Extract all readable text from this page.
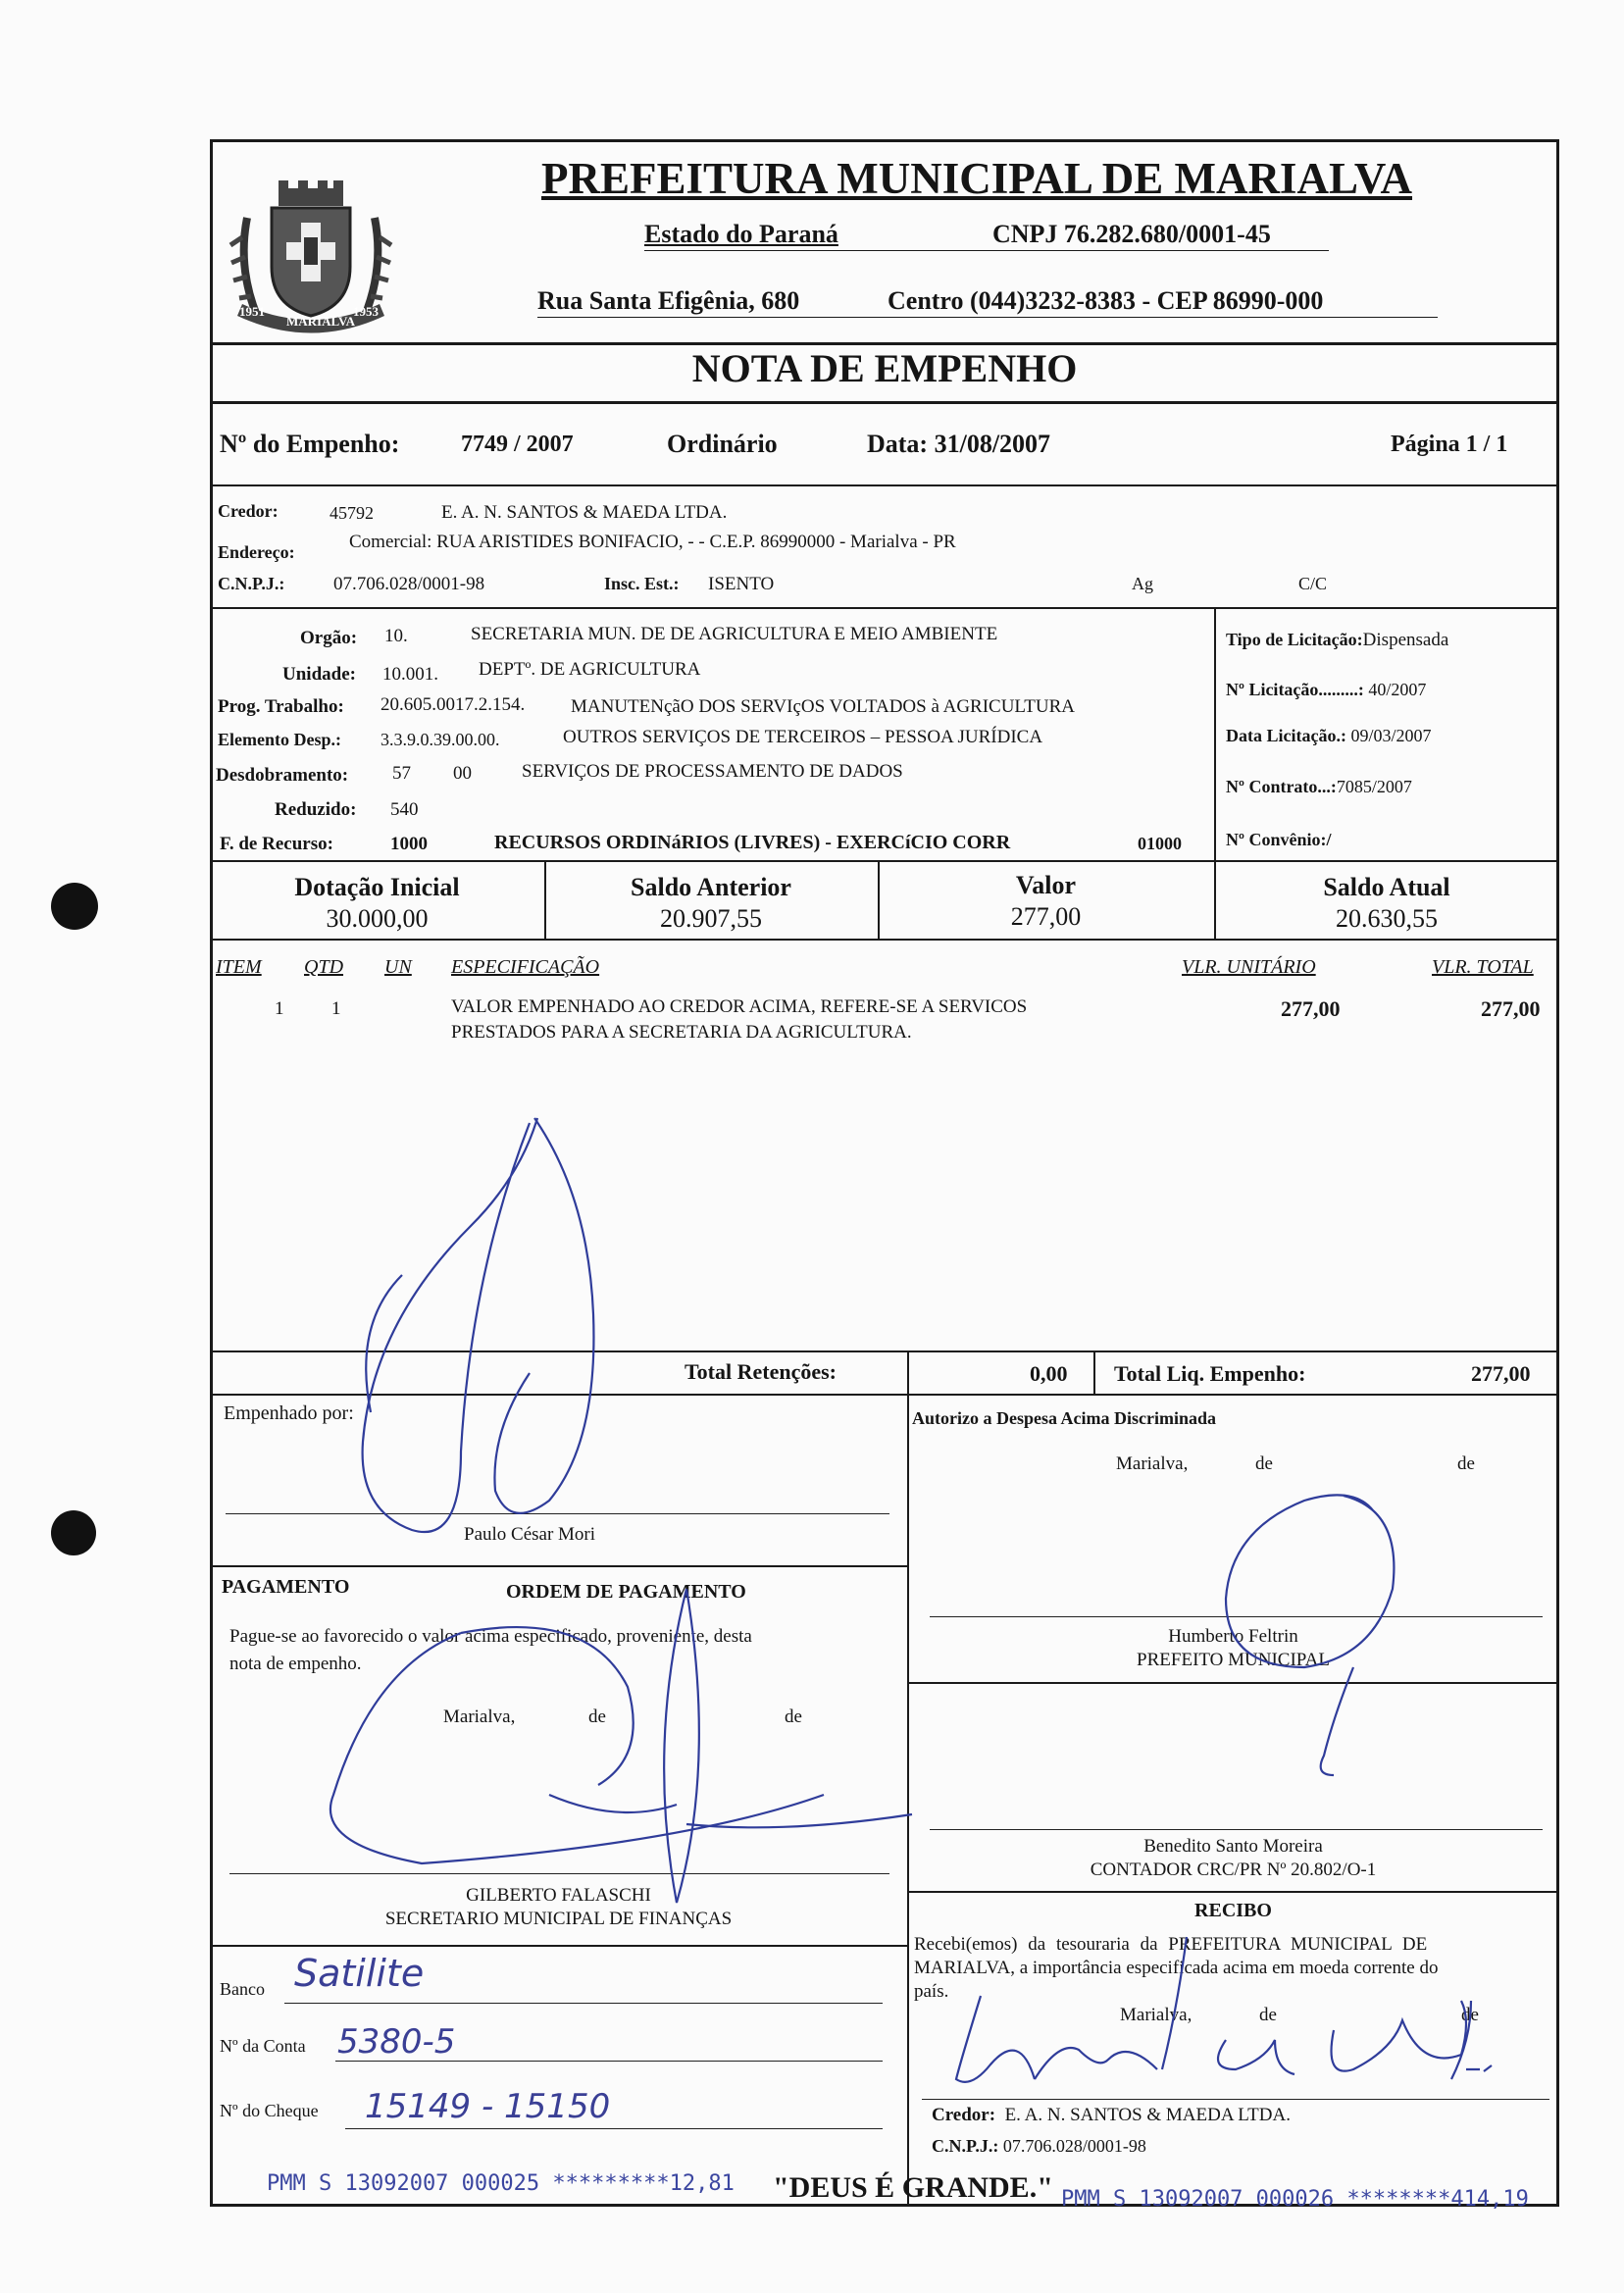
1951
MARIALVA
1953
PREFEITURA MUNICIPAL DE MARIALVA
Estado do Paraná	CNPJ 76.282.680/0001-45
Rua Santa Efigênia, 680	Centro (044)3232-8383 - CEP 86990-000
NOTA DE EMPENHO
Nº do Empenho:	7749 / 2007	Ordinário	Data: 31/08/2007	Página 1 / 1
Credor:	45792	E. A. N. SANTOS & MAEDA LTDA.
Endereço:	Comercial: RUA ARISTIDES BONIFACIO, - - C.E.P. 86990000 - Marialva - PR
C.N.P.J.:	07.706.028/0001-98	Insc. Est.: ISENTO	Ag	C/C
Orgão: 10.	SECRETARIA MUN. DE DE AGRICULTURA E MEIO AMBIENTE
Unidade: 10.001. DEPTº. DE AGRICULTURA
Prog. Trabalho: 20.605.0017.2.154. MANUTENçãO DOS SERVIçOS VOLTADOS à AGRICULTURA
Elemento Desp.: 3.3.9.0.39.00.00.	OUTROS SERVIÇOS DE TERCEIROS – PESSOA JURÍDICA
Desdobramento: 57 00	SERVIÇOS DE PROCESSAMENTO DE DADOS
Reduzido: 540
F. de Recurso:	1000	RECURSOS ORDINáRIOS (LIVRES) - EXERCíCIO CORR	01000
Tipo de Licitação:Dispensada
Nº Licitação.........: 40/2007
Data Licitação.: 09/03/2007
Nº Contrato...:7085/2007
Nº Convênio:/
Dotação Inicial
30.000,00
Saldo Anterior
20.907,55
Valor
277,00
Saldo Atual
20.630,55
ITEM QTD UN ESPECIFICAÇÃO	VLR. UNITÁRIO	VLR. TOTAL
1	1	VALOR EMPENHADO AO CREDOR ACIMA, REFERE-SE A SERVICOS
PRESTADOS PARA A SECRETARIA DA AGRICULTURA.
277,00	277,00
Total Retenções:	0,00 Total Liq. Empenho:	277,00
Empenhado por:
Paulo César Mori
PAGAMENTO	ORDEM DE PAGAMENTO
Pague-se ao favorecido o valor acima especificado, proveniente, desta
nota de empenho.
Marialva,	de	de
GILBERTO FALASCHI
SECRETARIO MUNICIPAL DE FINANÇAS
Banco Satilite
Nº da Conta 5380-5
Nº do Cheque 15149 - 15150
Autorizo a Despesa Acima Discriminada
Marialva,	de	de
Humberto Feltrin
PREFEITO MUNICIPAL
Benedito Santo Moreira
CONTADOR CRC/PR Nº 20.802/O-1
RECIBO
Recebi(emos) da tesouraria da PREFEITURA MUNICIPAL DE
MARIALVA, a importância especificada acima em moeda corrente do
país.
Marialva,	de	de
Credor: E. A. N. SANTOS & MAEDA LTDA.
C.N.P.J.: 07.706.028/0001-98
PMM S 13092007 000025 *********12,81 "DEUS É GRANDE." PMM S 13092007 000026 ********414,19
